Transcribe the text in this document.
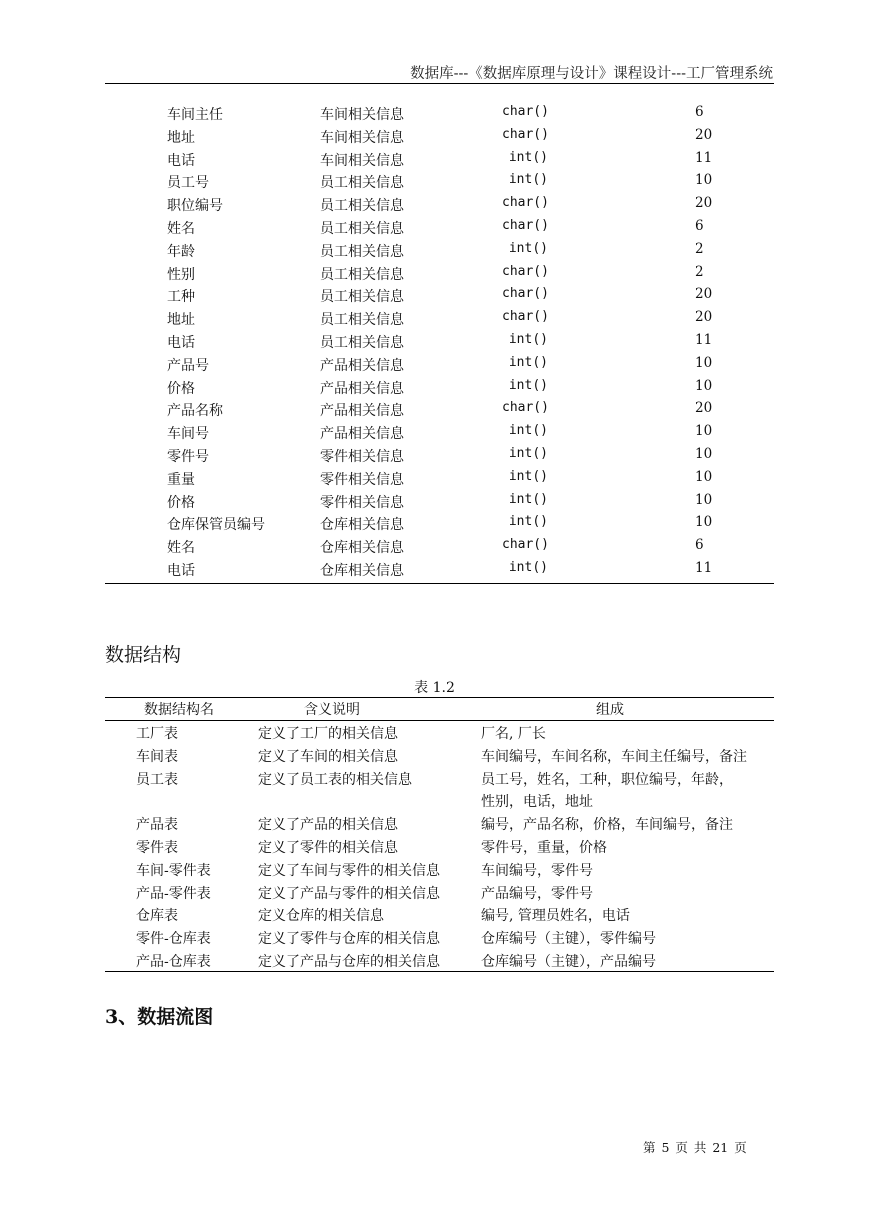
数据库---《数据库原理与设计》课程设计---工厂管理系统
车间主任	车间相关信息	char()	6
地址	车间相关信息	char()	20
电话	车间相关信息	int()	11
员工号	员工相关信息	int()	10
职位编号	员工相关信息	char()	20
姓名	员工相关信息	char()	6
年龄	员工相关信息	int()	2
性别	员工相关信息	char()	2
工种	员工相关信息	char()	20
地址	员工相关信息	char()	20
电话	员工相关信息	int()	11
产品号	产品相关信息	int()	10
价格	产品相关信息	int()	10
产品名称	产品相关信息	char()	20
车间号	产品相关信息	int()	10
零件号	零件相关信息	int()	10
重量	零件相关信息	int()	10
价格	零件相关信息	int()	10
仓库保管员编号	仓库相关信息	int()	10
姓名	仓库相关信息	char()	6
电话	仓库相关信息	int()	11
数据结构
表 1.2
数据结构名	含义说明	组成
工厂表	定义了工厂的相关信息	厂名, 厂长
车间表	定义了车间的相关信息	车间编号，车间名称，车间主任编号，备注
员工表	定义了员工表的相关信息	员工号，姓名，工种，职位编号，年龄，
性别，电话，地址
产品表	定义了产品的相关信息	编号，产品名称，价格，车间编号，备注
零件表	定义了零件的相关信息	零件号，重量，价格
车间-零件表	定义了车间与零件的相关信息	车间编号，零件号
产品-零件表	定义了产品与零件的相关信息	产品编号，零件号
仓库表	定义仓库的相关信息	编号, 管理员姓名，电话
零件-仓库表	定义了零件与仓库的相关信息	仓库编号（主键），零件编号
产品-仓库表	定义了产品与仓库的相关信息	仓库编号（主键），产品编号
3、数据流图
第 5 页 共 21 页
